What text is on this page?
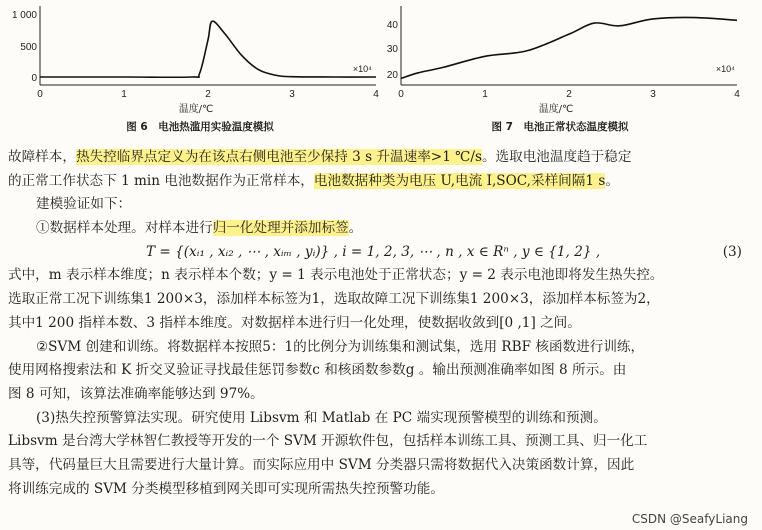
1 000
500
0
0	1	2	3	4
×10⁴
温度/℃
图 6　电池热滥用实验温度模拟
40
30
20
0	1	2	3	4
×10⁴
温度/℃
图 7　电池正常状态温度模拟
故障样本，热失控临界点定义为在该点右侧电池至少保持 3 s 升温速率>1 ℃/s。选取电池温度趋于稳定
的正常工作状态下 1 min 电池数据作为正常样本，电池数据种类为电压 U,电流 I,SOC,采样间隔1 s。
建模验证如下：
①数据样本处理。对样本进行归一化处理并添加标签。
T = {(xᵢ₁ , xᵢ₂ , ⋯ , xᵢₘ , yᵢ)} , i = 1, 2, 3, ⋯ , n , x ∈ Rⁿ , y ∈ {1, 2} ,	(3)
式中，m 表示样本维度；n 表示样本个数；y = 1 表示电池处于正常状态；y = 2 表示电池即将发生热失控。
选取正常工况下训练集1 200×3，添加样本标签为1，选取故障工况下训练集1 200×3，添加样本标签为2，
其中1 200 指样本数、3 指样本维度。对数据样本进行归一化处理，使数据收敛到[0 ,1] 之间。
②SVM 创建和训练。将数据样本按照5：1的比例分为训练集和测试集，选用 RBF 核函数进行训练，
使用网格搜索法和 K 折交叉验证寻找最佳惩罚参数c 和核函数参数g 。输出预测准确率如图 8 所示。由
图 8 可知，该算法准确率能够达到 97%。
(3)热失控预警算法实现。研究使用 Libsvm 和 Matlab 在 PC 端实现预警模型的训练和预测。
Libsvm 是台湾大学林智仁教授等开发的一个 SVM 开源软件包，包括样本训练工具、预测工具、归一化工
具等，代码量巨大且需要进行大量计算。而实际应用中 SVM 分类器只需将数据代入决策函数计算，因此
将训练完成的 SVM 分类模型移植到网关即可实现所需热失控预警功能。
CSDN @SeafyLiang
